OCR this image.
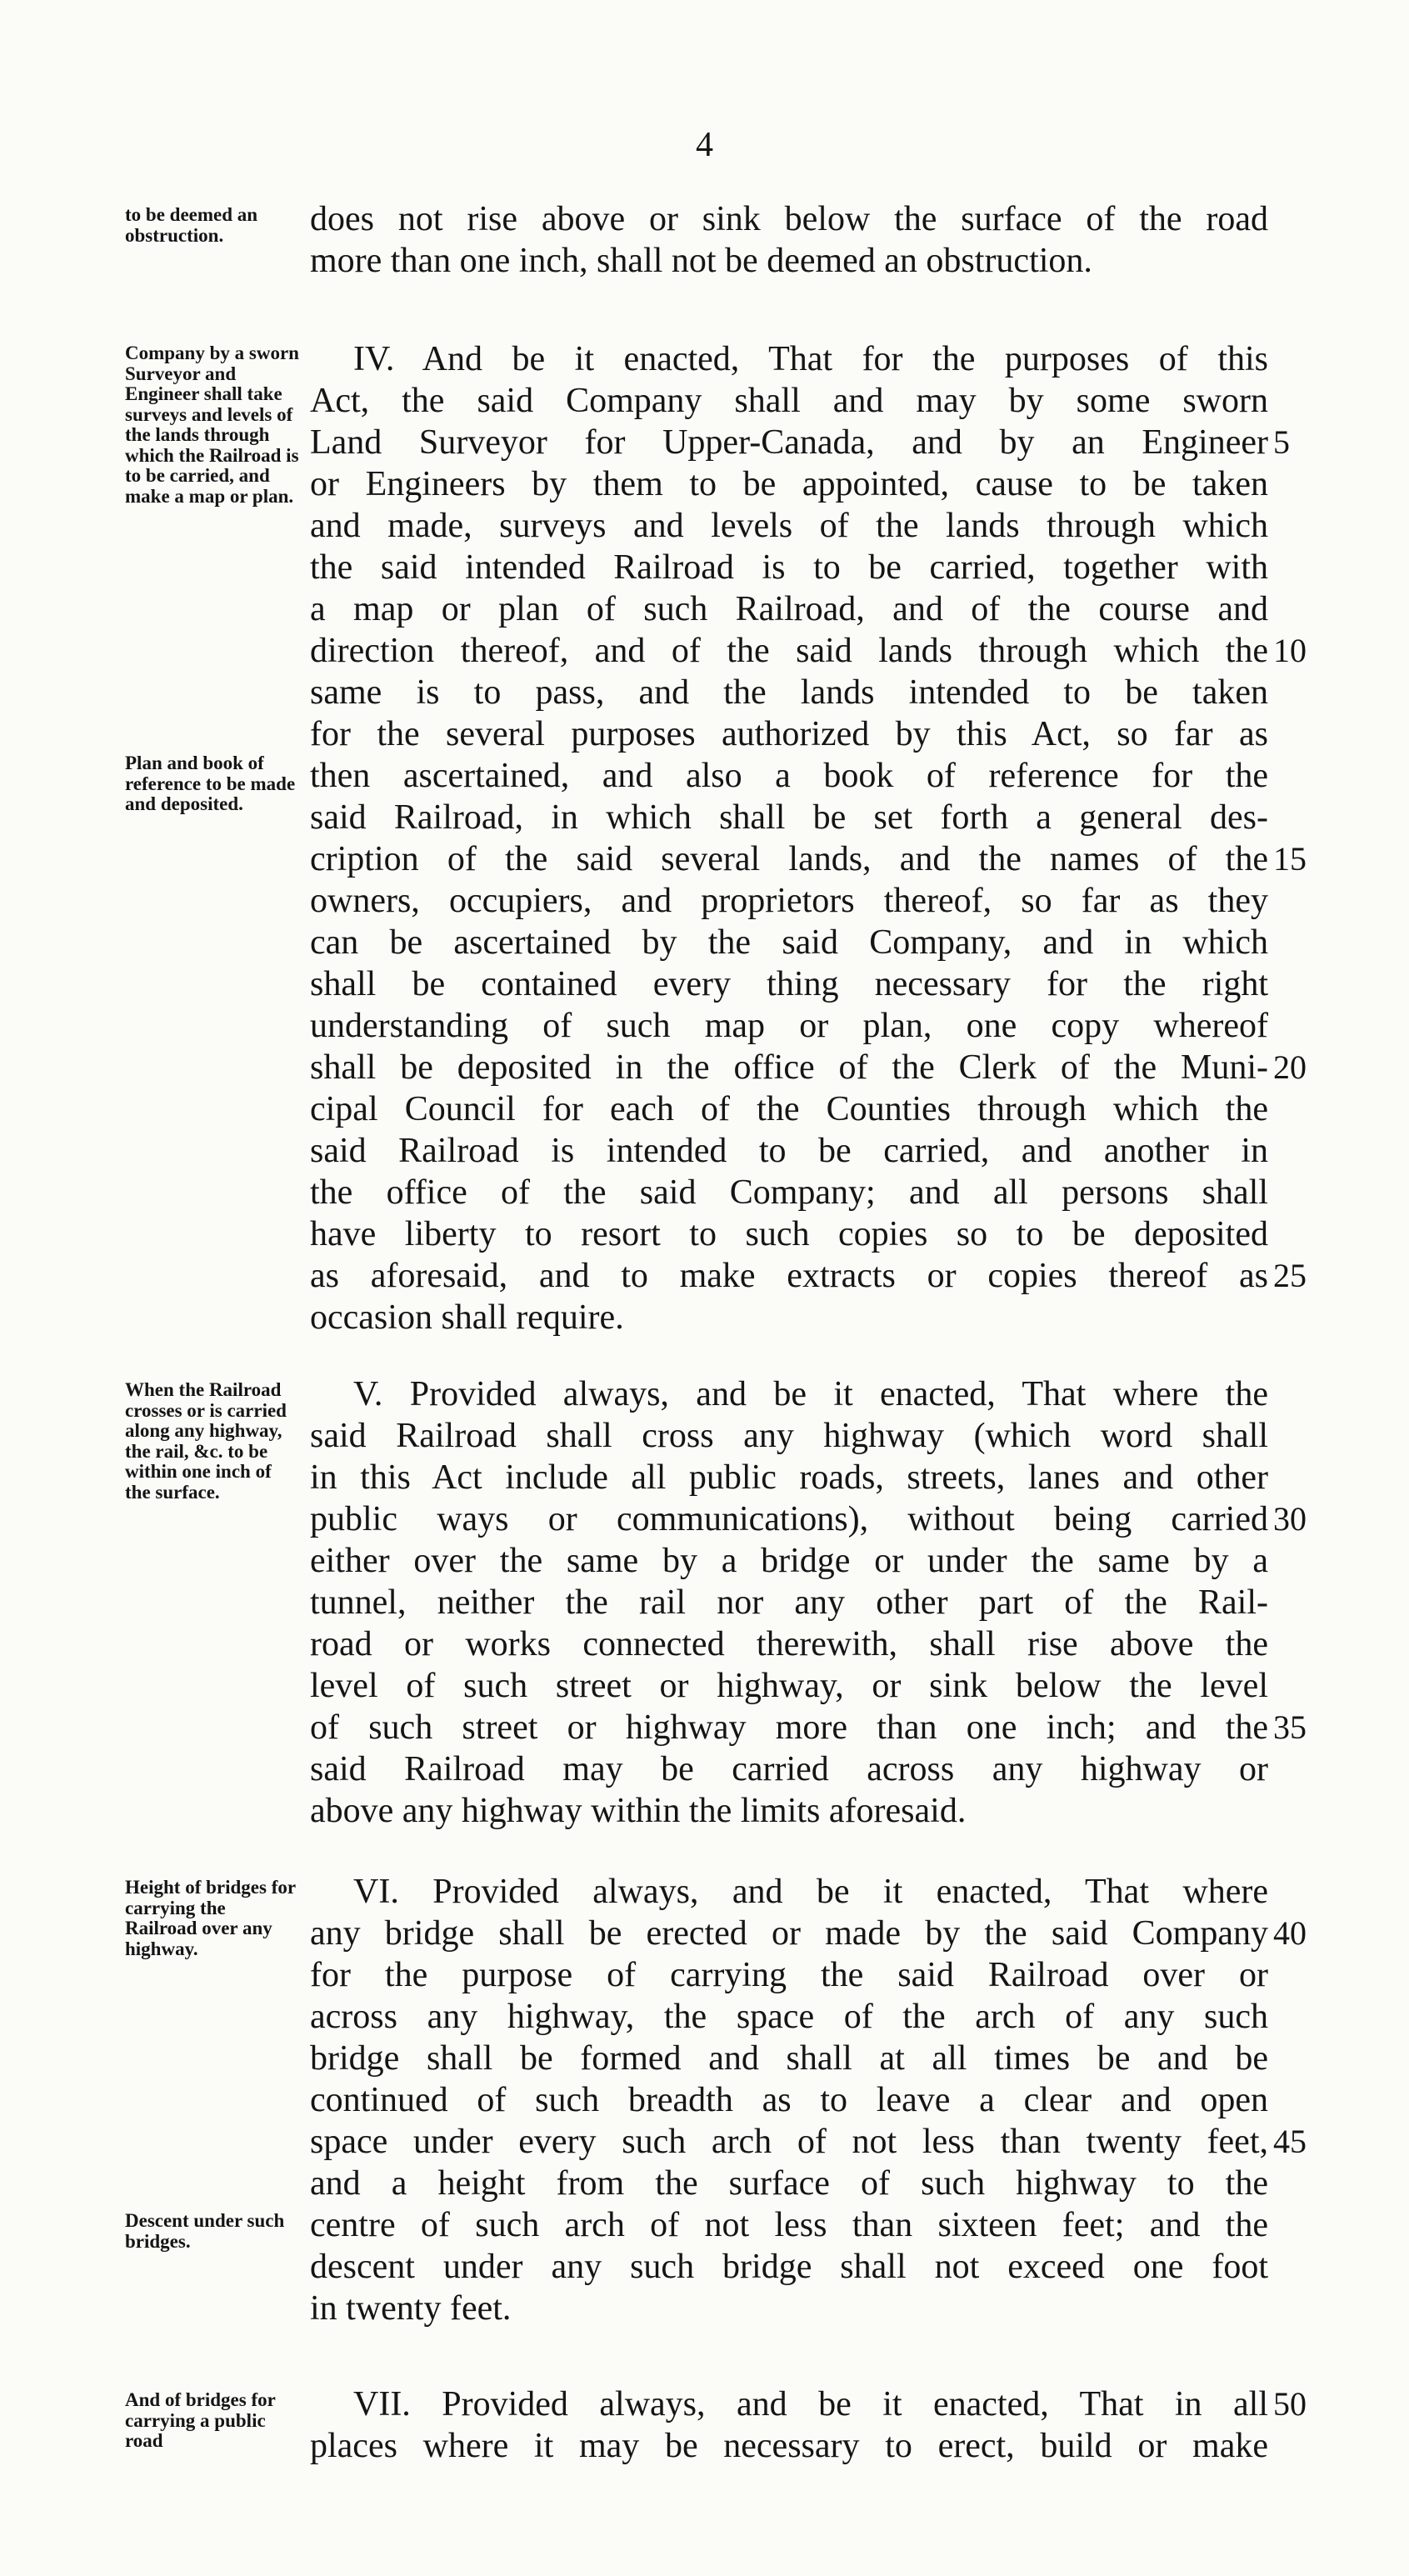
4
to be deemed an obstruction.	does not rise above or sink below the surface of the road
more than one inch, shall not be deemed an obstruction.
Company by a sworn Surveyor and Engineer shall take surveys and levels of the lands through which the Railroad is to be carried, and make a map or plan.
Plan and book of reference to be made and deposited.
IV. And be it enacted, That for the purposes of this
Act, the said Company shall and may by some sworn
Land Surveyor for Upper-Canada, and by an Engineer
or Engineers by them to be appointed, cause to be taken
and made, surveys and levels of the lands through which
the said intended Railroad is to be carried, together with
a map or plan of such Railroad, and of the course and
direction thereof, and of the said lands through which the
same is to pass, and the lands intended to be taken
for the several purposes authorized by this Act, so far as
then ascertained, and also a book of reference for the
said Railroad, in which shall be set forth a general des-
cription of the said several lands, and the names of the
owners, occupiers, and proprietors thereof, so far as they
can be ascertained by the said Company, and in which
shall be contained every thing necessary for the right
understanding of such map or plan, one copy whereof
shall be deposited in the office of the Clerk of the Muni-
cipal Council for each of the Counties through which the
said Railroad is intended to be carried, and another in
the office of the said Company; and all persons shall
have liberty to resort to such copies so to be deposited
as aforesaid, and to make extracts or copies thereof as
occasion shall require.
5
10
15
20
25
When the Railroad crosses or is carried along any highway, the rail, &c. to be within one inch of the surface.
V. Provided always, and be it enacted, That where the
said Railroad shall cross any highway (which word shall
in this Act include all public roads, streets, lanes and other
public ways or communications), without being carried
either over the same by a bridge or under the same by a
tunnel, neither the rail nor any other part of the Rail-
road or works connected therewith, shall rise above the
level of such street or highway, or sink below the level
of such street or highway more than one inch; and the
said Railroad may be carried across any highway or
above any highway within the limits aforesaid.
30
35
Height of bridges for carrying the Railroad over any highway.
Descent under such bridges.
VI. Provided always, and be it enacted, That where
any bridge shall be erected or made by the said Company
for the purpose of carrying the said Railroad over or
across any highway, the space of the arch of any such
bridge shall be formed and shall at all times be and be
continued of such breadth as to leave a clear and open
space under every such arch of not less than twenty feet,
and a height from the surface of such highway to the
centre of such arch of not less than sixteen feet; and the
descent under any such bridge shall not exceed one foot
in twenty feet.
40
45
And of bridges for carrying a public road
VII. Provided always, and be it enacted, That in all
places where it may be necessary to erect, build or make
50
